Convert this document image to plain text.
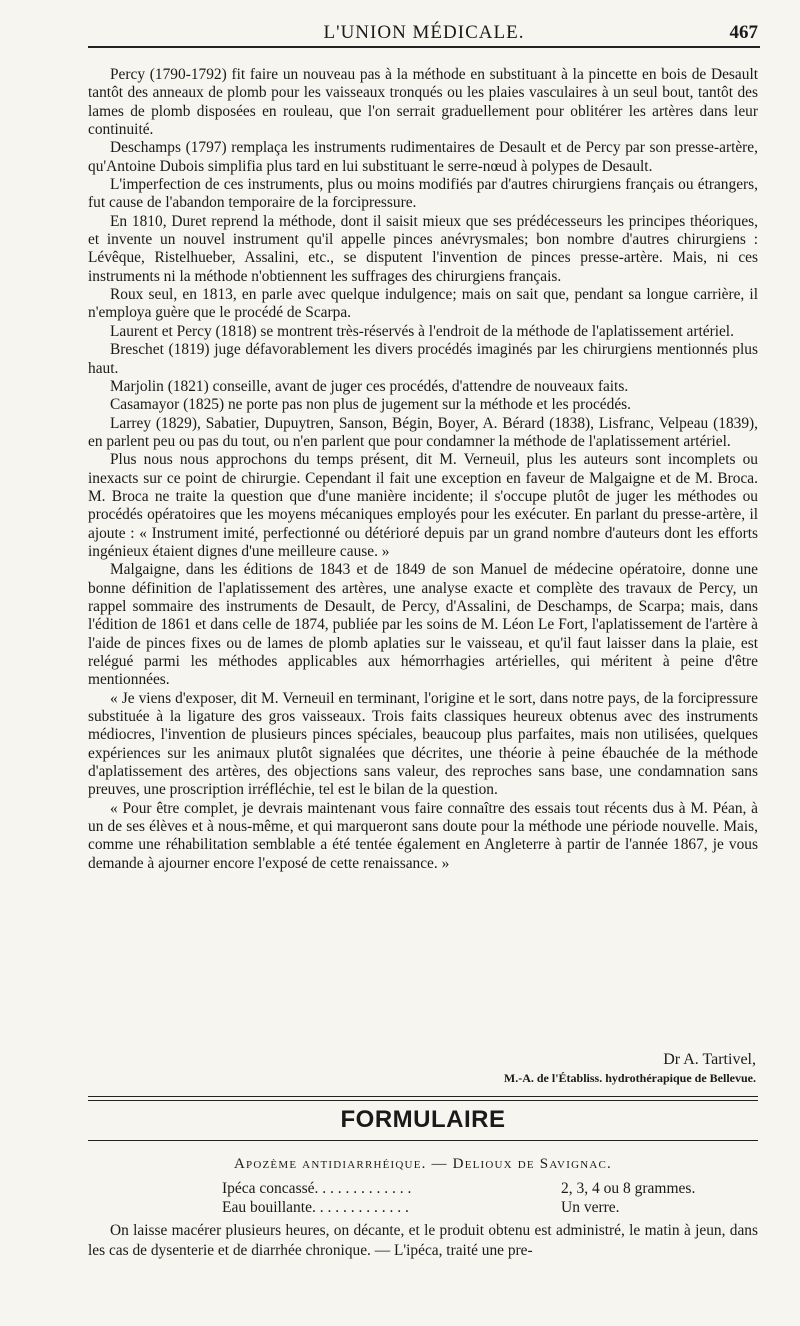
L'UNION MÉDICALE.	467

Percy (1790-1792) fit faire un nouveau pas à la méthode en substituant à la pincette en bois de Desault tantôt des anneaux de plomb pour les vaisseaux tronqués ou les plaies vasculaires à un seul bout, tantôt des lames de plomb disposées en rouleau, que l'on serrait graduellement pour oblitérer les artères dans leur continuité.

Deschamps (1797) remplaça les instruments rudimentaires de Desault et de Percy par son presse-artère, qu'Antoine Dubois simplifia plus tard en lui substituant le serre-nœud à polypes de Desault.

L'imperfection de ces instruments, plus ou moins modifiés par d'autres chirurgiens français ou étrangers, fut cause de l'abandon temporaire de la forcipressure.

En 1810, Duret reprend la méthode, dont il saisit mieux que ses prédécesseurs les principes théoriques, et invente un nouvel instrument qu'il appelle pinces anévrysmales; bon nombre d'autres chirurgiens : Lévêque, Ristelhueber, Assalini, etc., se disputent l'invention de pinces presse-artère. Mais, ni ces instruments ni la méthode n'obtiennent les suffrages des chirurgiens français.

Roux seul, en 1813, en parle avec quelque indulgence; mais on sait que, pendant sa longue carrière, il n'employa guère que le procédé de Scarpa.

Laurent et Percy (1818) se montrent très-réservés à l'endroit de la méthode de l'aplatissement artériel.

Breschet (1819) juge défavorablement les divers procédés imaginés par les chirurgiens mentionnés plus haut.

Marjolin (1821) conseille, avant de juger ces procédés, d'attendre de nouveaux faits.

Casamayor (1825) ne porte pas non plus de jugement sur la méthode et les procédés.

Larrey (1829), Sabatier, Dupuytren, Sanson, Bégin, Boyer, A. Bérard (1838), Lisfranc, Velpeau (1839), en parlent peu ou pas du tout, ou n'en parlent que pour condamner la méthode de l'aplatissement artériel.

Plus nous nous approchons du temps présent, dit M. Verneuil, plus les auteurs sont incomplets ou inexacts sur ce point de chirurgie. Cependant il fait une exception en faveur de Malgaigne et de M. Broca. M. Broca ne traite la question que d'une manière incidente; il s'occupe plutôt de juger les méthodes ou procédés opératoires que les moyens mécaniques employés pour les exécuter. En parlant du presse-artère, il ajoute : « Instrument imité, perfectionné ou détérioré depuis par un grand nombre d'auteurs dont les efforts ingénieux étaient dignes d'une meilleure cause. »

Malgaigne, dans les éditions de 1843 et de 1849 de son Manuel de médecine opératoire, donne une bonne définition de l'aplatissement des artères, une analyse exacte et complète des travaux de Percy, un rappel sommaire des instruments de Desault, de Percy, d'Assalini, de Deschamps, de Scarpa; mais, dans l'édition de 1861 et dans celle de 1874, publiée par les soins de M. Léon Le Fort, l'aplatissement de l'artère à l'aide de pinces fixes ou de lames de plomb aplaties sur le vaisseau, et qu'il faut laisser dans la plaie, est relégué parmi les méthodes applicables aux hémorrhagies artérielles, qui méritent à peine d'être mentionnées.

« Je viens d'exposer, dit M. Verneuil en terminant, l'origine et le sort, dans notre pays, de la forcipressure substituée à la ligature des gros vaisseaux. Trois faits classiques heureux obtenus avec des instruments médiocres, l'invention de plusieurs pinces spéciales, beaucoup plus parfaites, mais non utilisées, quelques expériences sur les animaux plutôt signalées que décrites, une théorie à peine ébauchée de la méthode d'aplatissement des artères, des objections sans valeur, des reproches sans base, une condamnation sans preuves, une proscription irréfléchie, tel est le bilan de la question.

« Pour être complet, je devrais maintenant vous faire connaître des essais tout récents dus à M. Péan, à un de ses élèves et à nous-même, et qui marqueront sans doute pour la méthode une période nouvelle. Mais, comme une réhabilitation semblable a été tentée également en Angleterre à partir de l'année 1867, je vous demande à ajourner encore l'exposé de cette renaissance. »

Dr A. Tartivel,
M.-A. de l'Établiss. hydrothérapique de Bellevue.
FORMULAIRE
Apozème antidiarrhéique. — Delioux de Savignac.
Ipéca concassé. . . . . . . . . . . . .	2, 3, 4 ou 8 grammes.
Eau bouillante. . . . . . . . . . . . .	Un verre.

On laisse macérer plusieurs heures, on décante, et le produit obtenu est administré, le matin à jeun, dans les cas de dysenterie et de diarrhée chronique. — L'ipéca, traité une pre-
